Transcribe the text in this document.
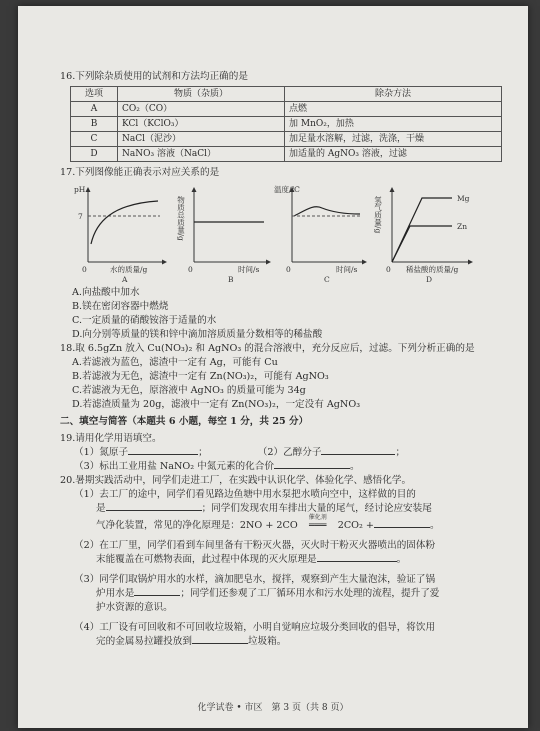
16.下列除杂质使用的试剂和方法均正确的是

选项	物质（杂质）	除杂方法
A	CO₂（CO）	点燃
B	KCl（KClO₃）	加 MnO₂，加热
C	NaCl（泥沙）	加足量水溶解，过滤，洗涤，干燥
D	NaNO₃ 溶液（NaCl）	加适量的 AgNO₃ 溶液，过滤

17.下列图像能正确表示对应关系的是

pH
7
0	水的质量/g
A
物质总质量/g
0	时间/s
B
温度/℃
0	时间/s
C
氢气质量/g	Mg
Zn
0 稀盐酸的质量/g
D

A.向盐酸中加水

B.镁在密闭容器中燃烧

C.一定质量的硝酸铵溶于适量的水

D.向分别等质量的镁和锌中滴加溶质质量分数相等的稀盐酸

18.取 6.5gZn 放入 Cu(NO₃)₂ 和 AgNO₃ 的混合溶液中，充分反应后，过滤。下列分析正确的是

A.若滤液为蓝色，滤渣中一定有 Ag，可能有 Cu

B.若滤液为无色，滤渣中一定有 Zn(NO₃)₂，可能有 AgNO₃

C.若滤液为无色，原溶液中 AgNO₃ 的质量可能为 34g

D.若滤渣质量为 20g，滤液中一定有 Zn(NO₃)₂，一定没有 AgNO₃

二、填空与简答（本题共 6 小题，每空 1 分，共 25 分）

19.请用化学用语填空。

（1）氮原子	；	（2）乙醇分子	；

（3）标出工业用盐 NaNO₂ 中氮元素的化合价	。

20.暑期实践活动中，同学们走进工厂，在实践中认识化学、体验化学、感悟化学。

（1）去工厂的途中，同学们看见路边鱼塘中用水泵把水喷向空中，这样做的目的

是	；同学们发现农用车排出大量的尾气，经讨论应安装尾

气净化装置，常见的净化原理是：2NO + 2CO
催化剂
═══ 2CO₂ +	。

（2）在工厂里，同学们看到车间里备有干粉灭火器，灭火时干粉灭火器喷出的固体粉

末能覆盖在可燃物表面，此过程中体现的灭火原理是	。

（3）同学们取锅炉用水的水样，滴加肥皂水，搅拌，观察到产生大量泡沫，验证了锅

炉用水是	；同学们还参观了工厂循环用水和污水处理的流程，提升了爱

护水资源的意识。

（4）工厂设有可回收和不可回收垃圾箱，小明自觉响应垃圾分类回收的倡导，将饮用

完的金属易拉罐投放到	垃圾箱。

化学试卷 • 市区　第 3 页（共 8 页）
